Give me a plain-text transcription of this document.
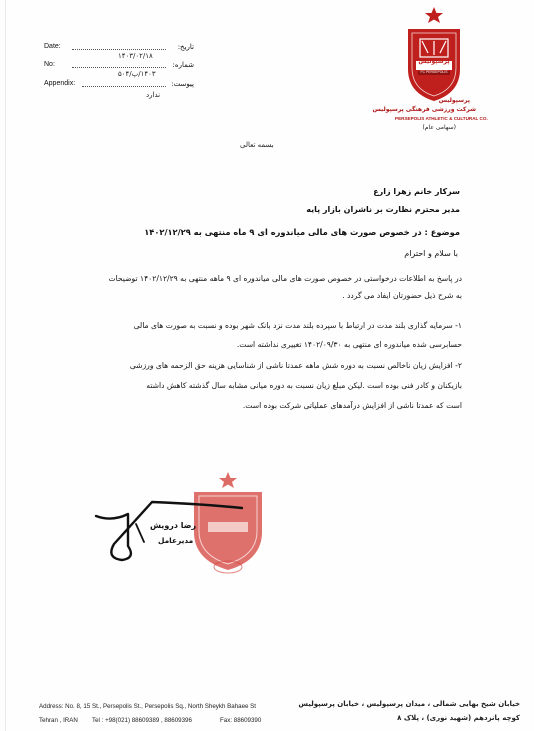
Date:	تاریخ:
۱۴۰۳/۰۲/۱۸
No:	شماره:
۱۴۰۳/پ/۵۰۴
Appendix:	پیوست:
ندارد
پرسپولیس
FC PERSEPOLIS
پرسپولیس
شرکت ورزشی فرهنگی پرسپولیس
PERSEPOLIS ATHLETIC & CULTURAL CO.
(سهامی عام)
بسمه تعالی
سرکار خانم زهرا زارع
مدیر محترم نظارت بر ناشران بازار پایه
موضوع : در خصوص صورت های مالی میاندوره ای ۹ ماه منتهی به ۱۴۰۲/۱۲/۲۹
با سلام و احترام
در پاسخ به اطلاعات درخواستی در خصوص صورت های مالی میاندوره ای ۹ ماهه منتهی به ۱۴۰۲/۱۲/۲۹ توضیحات
به شرح ذیل حضورتان ایفاد می گردد .
۱- سرمایه گذاری بلند مدت در ارتباط با سپرده بلند مدت نزد بانک شهر بوده و نسبت به صورت های مالی
حسابرسی شده میاندوره ای منتهی به ۱۴۰۲/۰۹/۳۰ تغییری نداشته است.
۲- افزایش زیان ناخالص نسبت به دوره شش ماهه عمدتا ناشی از شناسایی هزینه حق الزحمه های ورزشی
بازیکنان و کادر فنی بوده است .لیکن مبلغ زیان نسبت به دوره میانی مشابه سال گذشته کاهش داشته
است که عمدتا ناشی از افزایش درآمدهای عملیاتی شرکت بوده است.
رضا درویش
مدیرعامل
Address: No. 8, 15 St., Persepolis St., Persepolis Sq., North Sheykh Bahaee St
Tehran , IRAN Tel : +98(021) 88609389 , 88609396	Fax: 88609390
خیابان شیخ بهایی شمالی ، میدان پرسپولیس ، خیابان پرسپولیس
کوچه پانزدهم (شهید نوری) ، پلاک ۸
